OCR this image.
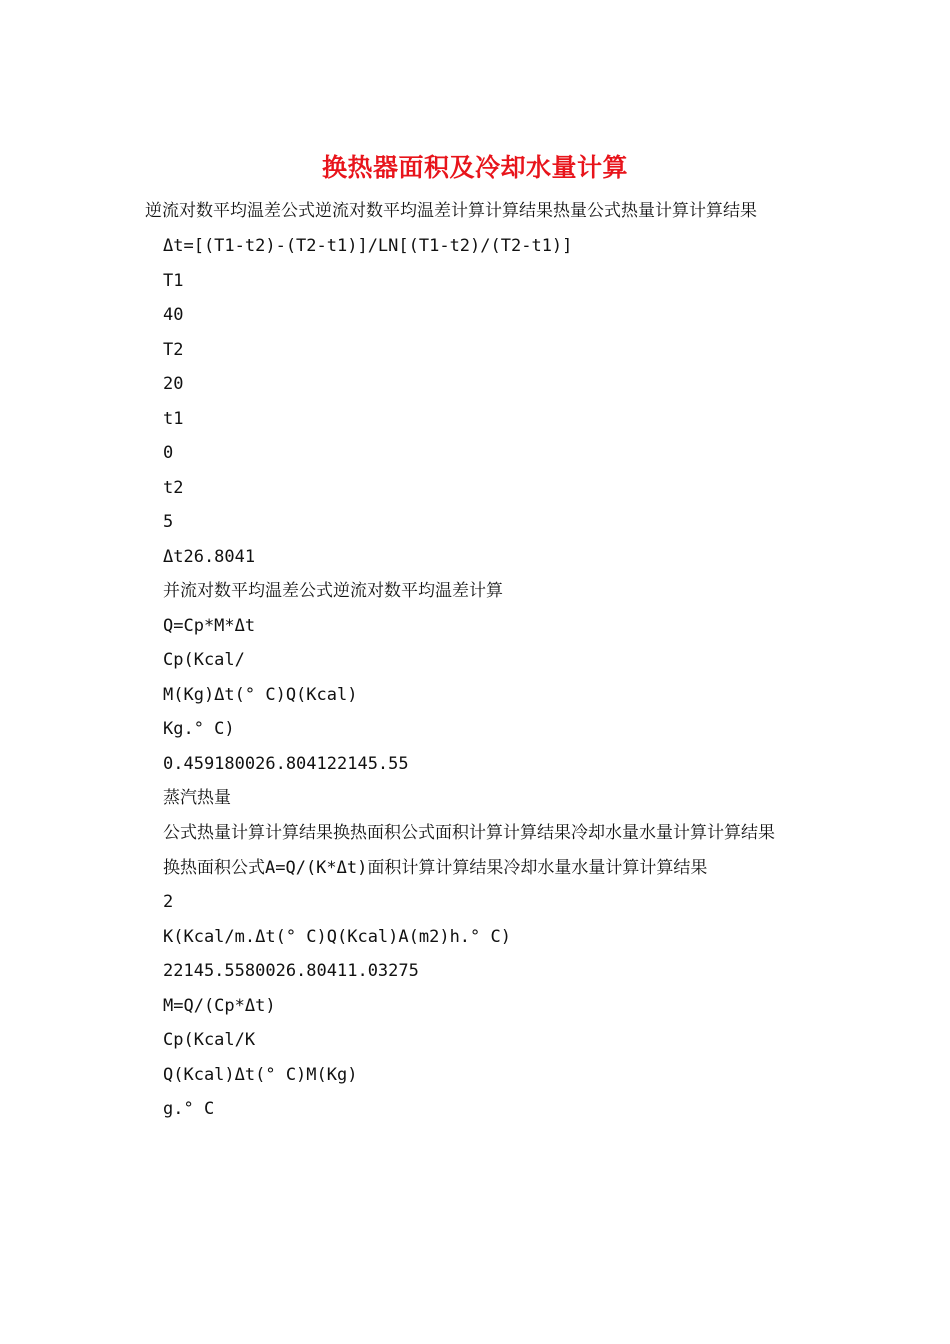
换热器面积及冷却水量计算
逆流对数平均温差公式逆流对数平均温差计算计算结果热量公式热量计算计算结果
Δt=[(T1-t2)-(T2-t1)]/LN[(T1-t2)/(T2-t1)]
T1
40
T2
20
t1
0
t2
5
Δt26.8041
并流对数平均温差公式逆流对数平均温差计算
Q=Cp*M*Δt
Cp(Kcal/
M(Kg)Δt(° C)Q(Kcal)
Kg.° C)
0.459180026.804122145.55
蒸汽热量
公式热量计算计算结果换热面积公式面积计算计算结果冷却水量水量计算计算结果
换热面积公式A=Q/(K*Δt)面积计算计算结果冷却水量水量计算计算结果
2
K(Kcal/m.Δt(° C)Q(Kcal)A(m2)h.° C)
22145.5580026.80411.03275
M=Q/(Cp*Δt)
Cp(Kcal/K
Q(Kcal)Δt(° C)M(Kg)
g.° C
